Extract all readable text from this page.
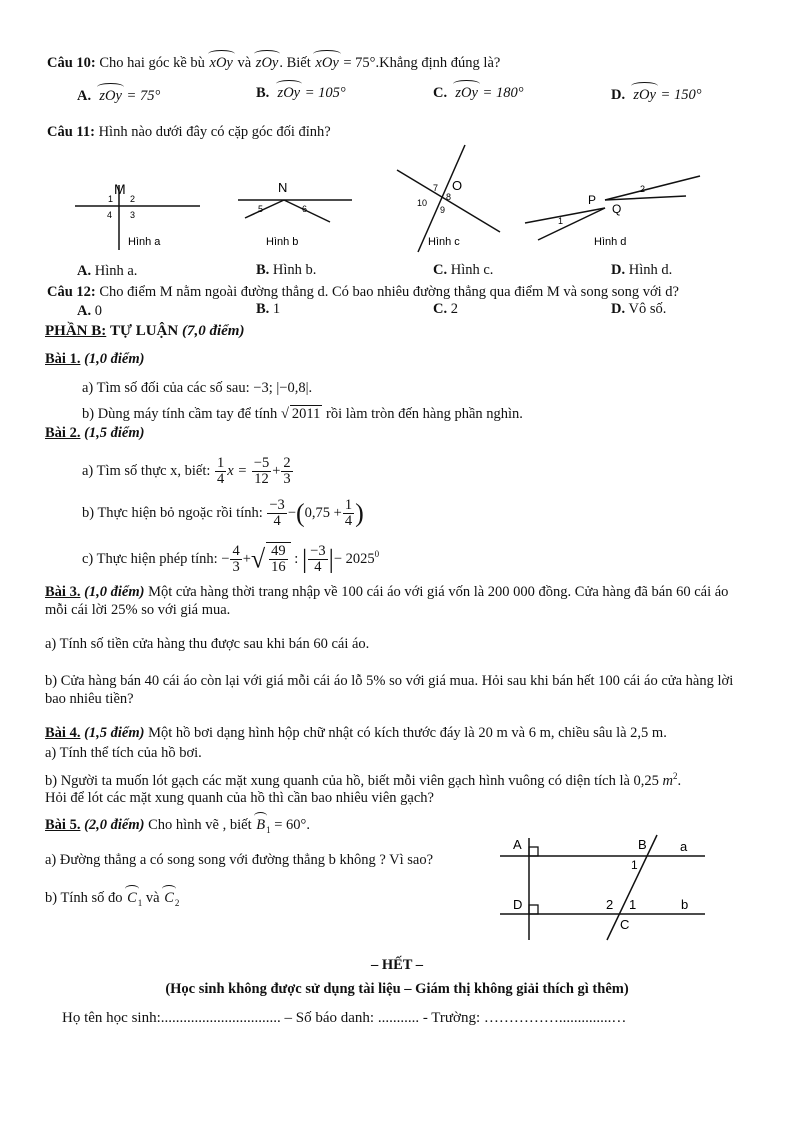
Câu 10: Cho hai góc kề bù xOy và zOy. Biết xOy = 75°.Khẳng định đúng là?
A. zOy = 75°	B. zOy = 105°	C. zOy = 180°	D. zOy = 150°
Câu 11: Hình nào dưới đây có cặp góc đối đỉnh?
M
1 2
4 3
Hình a
N
5	6
Hình b
O
7
8
10
9
Hình c
P
Q
1
2
Hình d
A. Hình a.	B. Hình b.	C. Hình c.	D. Hình d.
Câu 12: Cho điểm M nằm ngoài đường thẳng d. Có bao nhiêu đường thẳng qua điểm M và song song với d?
A. 0	B. 1	C. 2	D. Vô số.
PHẦN B: TỰ LUẬN (7,0 điểm)
Bài 1. (1,0 điểm)
a) Tìm số đối của các số sau: −3; |−0,8|.
b) Dùng máy tính cầm tay để tính √ 2011 rồi làm tròn đến hàng phần nghìn.
Bài 2. (1,5 điểm)
a) Tìm số thực x, biết: $\frac{1}{4}$ $x = \frac{-5}{12} + \frac{2}{3}$
b) Thực hiện bỏ ngoặc rồi tính: $\frac{-3}{4} -(0,75 + \frac{1}{4}$ )
c) Thực hiện phép tính: − $\frac{4}{3}$ +√ $\frac{49}{16}$ : | $\frac{-3}{4}$ |− $2025^0$
Bài 3. (1,0 điểm) Một cửa hàng thời trang nhập về 100 cái áo với giá vốn là 200 000 đồng. Cửa hàng đã bán 60 cái áo mỗi cái lời 25% so với giá mua.
a) Tính số tiền cửa hàng thu được sau khi bán 60 cái áo.
b) Cửa hàng bán 40 cái áo còn lại với giá mỗi cái áo lỗ 5% so với giá mua. Hỏi sau khi bán hết 100 cái áo cửa hàng lời bao nhiêu tiền?
Bài 4. (1,5 điểm) Một hồ bơi dạng hình hộp chữ nhật có kích thước đáy là 20 m và 6 m, chiều sâu là 2,5 m.
a) Tính thể tích của hồ bơi.
b) Người ta muốn lót gạch các mặt xung quanh của hồ, biết mỗi viên gạch hình vuông có diện tích là 0,25 $m^2$.
Hỏi để lót các mặt xung quanh của hồ thì cần bao nhiêu viên gạch?
Bài 5. (2,0 điểm) Cho hình vẽ , biết $B_1 = 60^\circ$.
a) Đường thẳng a có song song với đường thẳng b không ? Vì sao?
b) Tính số đo $C_1$ và $C_2$
A	B	a
1
D	2 1	b
C
– HẾT –
(Học sinh không được sử dụng tài liệu – Giám thị không giải thích gì thêm)
Họ tên học sinh:................................ – Số báo danh: ........... - Trường: ……………..............…
